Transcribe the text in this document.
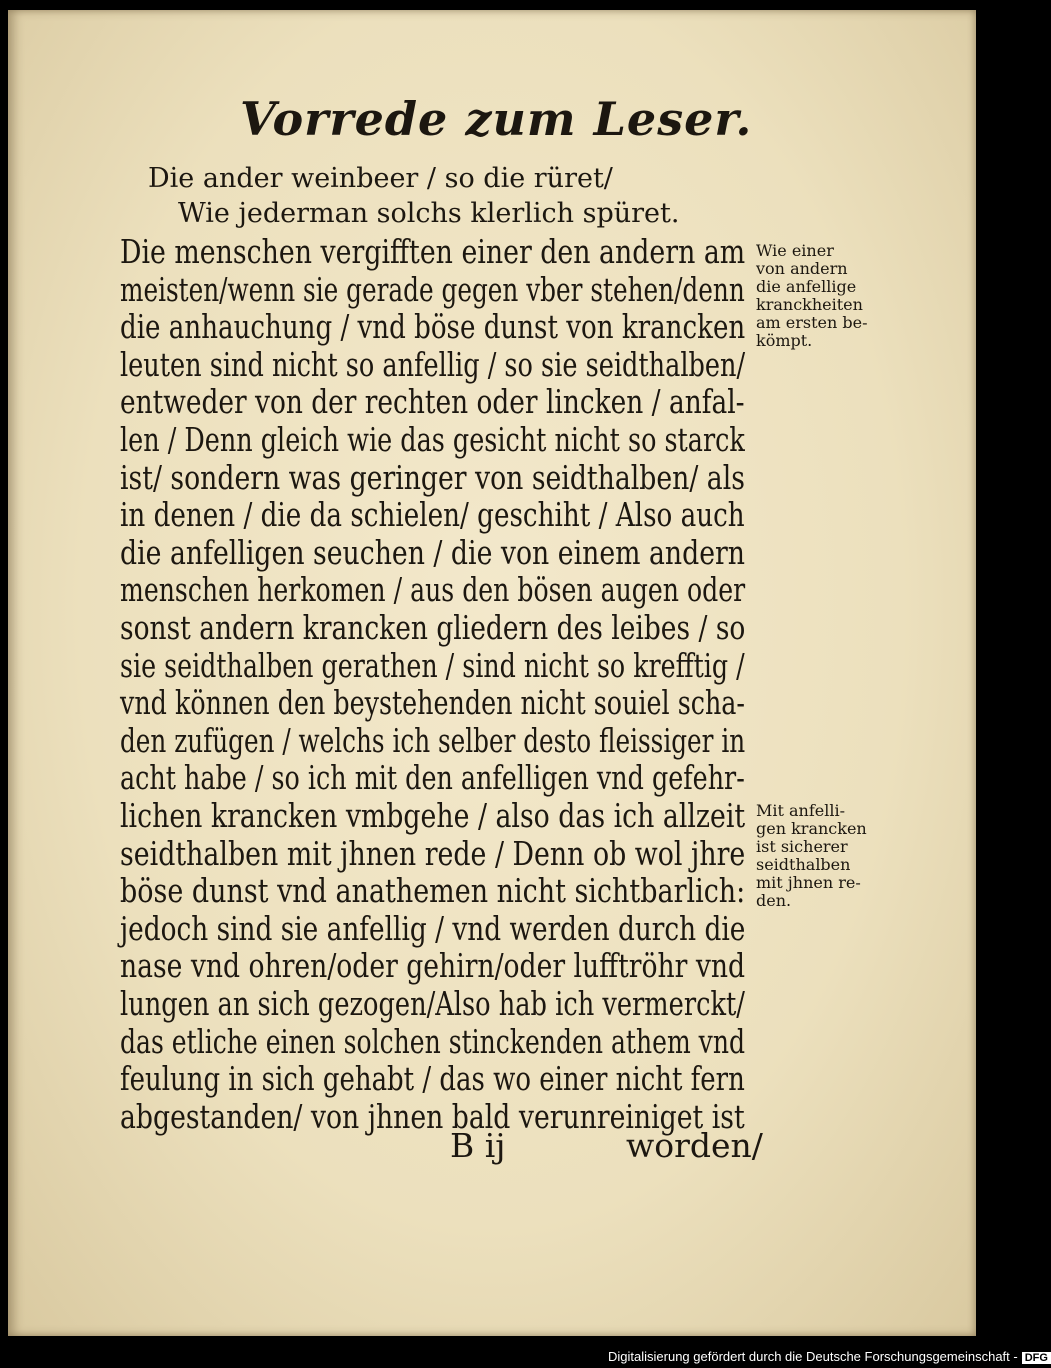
Vorrede zum Leser.
Die ander weinbeer / so die rüret/
Wie jederman solchs klerlich spüret.
Die menschen vergifften einer den andern am
meisten/wenn sie gerade gegen vber stehen/denn
die anhauchung / vnd böse dunst von krancken
leuten sind nicht so anfellig / so sie seidthalben/
entweder von der rechten oder lincken / anfal-
len / Denn gleich wie das gesicht nicht so starck
ist/ sondern was geringer von seidthalben/ als
in denen / die da schielen/ geschiht / Also auch
die anfelligen seuchen / die von einem andern
menschen herkomen / aus den bösen augen oder
sonst andern krancken gliedern des leibes / so
sie seidthalben gerathen / sind nicht so krefftig /
vnd können den beystehenden nicht souiel scha-
den zufügen / welchs ich selber desto fleissiger in
acht habe / so ich mit den anfelligen vnd gefehr-
lichen krancken vmbgehe / also das ich allzeit
seidthalben mit jhnen rede / Denn ob wol jhre
böse dunst vnd anathemen nicht sichtbarlich:
jedoch sind sie anfellig / vnd werden durch die
nase vnd ohren/oder gehirn/oder lufftröhr vnd
lungen an sich gezogen/Also hab ich vermerckt/
das etliche einen solchen stinckenden athem vnd
feulung in sich gehabt / das wo einer nicht fern
abgestanden/ von jhnen bald verunreiniget ist
Wie einer
von andern
die anfellige
kranckheiten
am ersten be-
kömpt.
Mit anfelli-
gen krancken
ist sicherer
seidthalben
mit jhnen re-
den.
B ij	worden/
Digitalisierung gefördert durch die Deutsche Forschungsgemeinschaft - DFG
